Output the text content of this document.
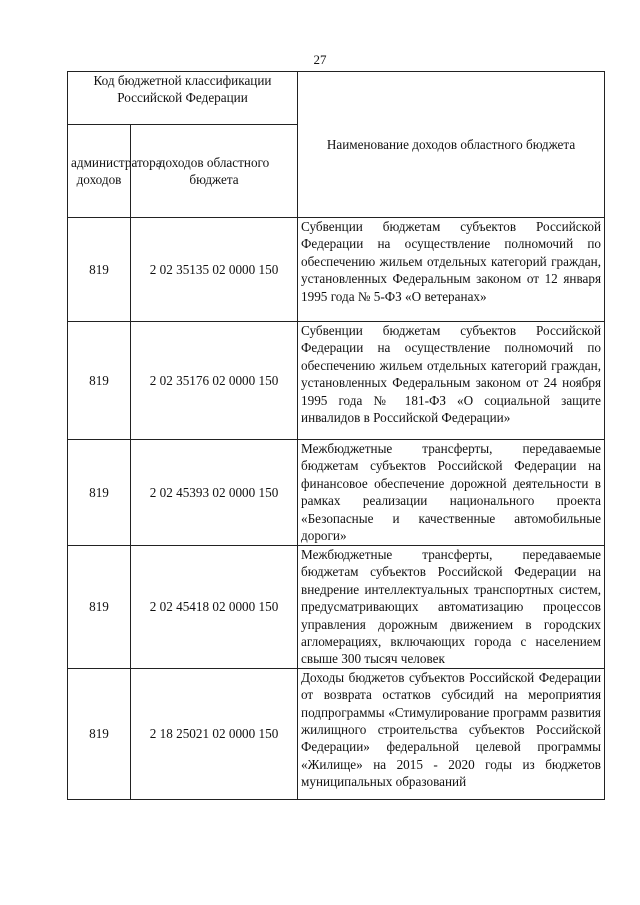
27
Код бюджетной классификации Российской Федерации		Наименование доходов областного бюджета
администратора доходов	доходов областного бюджета	
819	2 02 35135 02 0000 150	Субвенции бюджетам субъектов Российской Федерации на осуществление полномочий по обеспечению жильем отдельных категорий граждан, установленных Федеральным законом от 12 января 1995 года № 5-ФЗ «О ветеранах»
819	2 02 35176 02 0000 150	Субвенции бюджетам субъектов Российской Федерации на осуществление полномочий по обеспечению жильем отдельных категорий граждан, установленных Федеральным законом от 24 ноября 1995 года № 181-ФЗ «О социальной защите инвалидов в Российской Федерации»
819	2 02 45393 02 0000 150	Межбюджетные трансферты, передаваемые бюджетам субъектов Российской Федерации на финансовое обеспечение дорожной деятельности в рамках реализации национального проекта «Безопасные и качественные автомобильные дороги»
819	2 02 45418 02 0000 150	Межбюджетные трансферты, передаваемые бюджетам субъектов Российской Федерации на внедрение интеллектуальных транспортных систем, предусматривающих автоматизацию процессов управления дорожным движением в городских агломерациях, включающих города с населением свыше 300 тысяч человек
819	2 18 25021 02 0000 150	Доходы бюджетов субъектов Российской Федерации от возврата остатков субсидий на мероприятия подпрограммы «Стимулирование программ развития жилищного строительства субъектов Российской Федерации» федеральной целевой программы «Жилище» на 2015 - 2020 годы из бюджетов муниципальных образований
